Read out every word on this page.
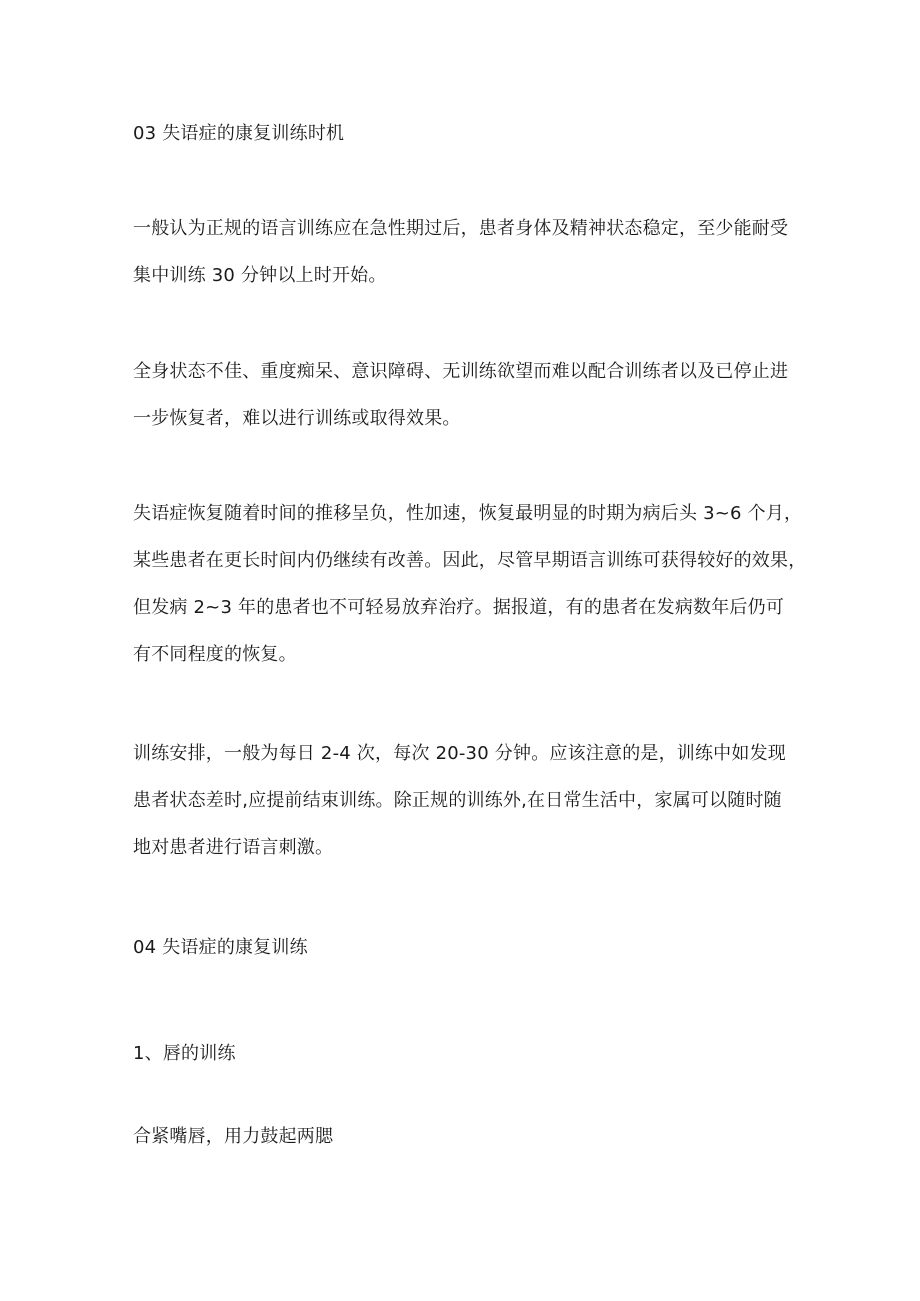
03 失语症的康复训练时机

一般认为正规的语言训练应在急性期过后，患者身体及精神状态稳定，至少能耐受
集中训练 30 分钟以上时开始。

全身状态不佳、重度痴呆、意识障碍、无训练欲望而难以配合训练者以及已停止进
一步恢复者，难以进行训练或取得效果。

失语症恢复随着时间的推移呈负，性加速，恢复最明显的时期为病后头 3~6 个月，
某些患者在更长时间内仍继续有改善。因此，尽管早期语言训练可获得较好的效果，
但发病 2~3 年的患者也不可轻易放弃治疗。据报道，有的患者在发病数年后仍可
有不同程度的恢复。

训练安排，一般为每日 2-4 次，每次 20-30 分钟。应该注意的是，训练中如发现
患者状态差时,应提前结束训练。除正规的训练外,在日常生活中，家属可以随时随
地对患者进行语言刺激。

04 失语症的康复训练

1、唇的训练

合紧嘴唇，用力鼓起两腮
